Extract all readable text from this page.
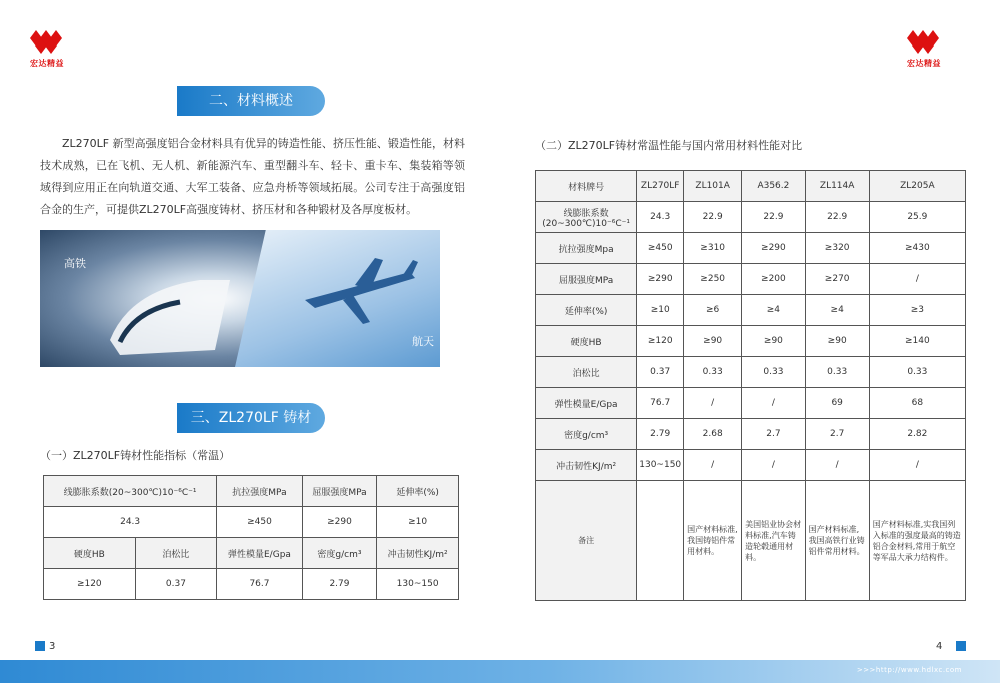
宏达精益	宏达精益
二、材料概述

ZL270LF 新型高强度铝合金材料具有优异的铸造性能、挤压性能、锻造性能，材料技术成熟，已在飞机、无人机、新能源汽车、重型翻斗车、轻卡、重卡车、集装箱等领域得到应用正在向轨道交通、大军工装备、应急舟桥等领域拓展。公司专注于高强度铝合金的生产，可提供ZL270LF高强度铸材、挤压材和各种锻材及各厚度板材。

高铁
航天
三、ZL270LF 铸材
（一）ZL270LF铸材性能指标（常温）
线膨胀系数(20~300℃)10⁻⁶C⁻¹		抗拉强度MPa	屈服强度MPa	延伸率(%)
24.3		≥450	≥290	≥10
硬度HB	泊松比	弹性模量E/Gpa	密度g/cm³	冲击韧性KJ/m²
≥120	0.37	76.7	2.79	130~150
3
（二）ZL270LF铸材常温性能与国内常用材料性能对比
材料牌号	ZL270LF	ZL101A	A356.2	ZL114A	ZL205A
线膨胀系数(20~300℃)10⁻⁶C⁻¹	24.3	22.9	22.9	22.9	25.9
抗拉强度Mpa	≥450	≥310	≥290	≥320	≥430
屈服强度MPa	≥290	≥250	≥200	≥270	/
延伸率(%)	≥10	≥6	≥4	≥4	≥3
硬度HB	≥120	≥90	≥90	≥90	≥140
泊松比	0.37	0.33	0.33	0.33	0.33
弹性模量E/Gpa	76.7	/	/	69	68
密度g/cm³	2.79	2.68	2.7	2.7	2.82
冲击韧性KJ/m²	130~150	/	/	/	/
备注		国产材料标准,我国铸铝件常用材料。	美国铝业协会材料标准,汽车铸造轮毂通用材料。	国产材料标准,我国高铁行业铸铝件常用材料。	国产材料标准,实我国列入标准的强度最高的铸造铝合金材料,常用于航空等军品大承力结构件。
4
>>>http://www.hdlxc.com
